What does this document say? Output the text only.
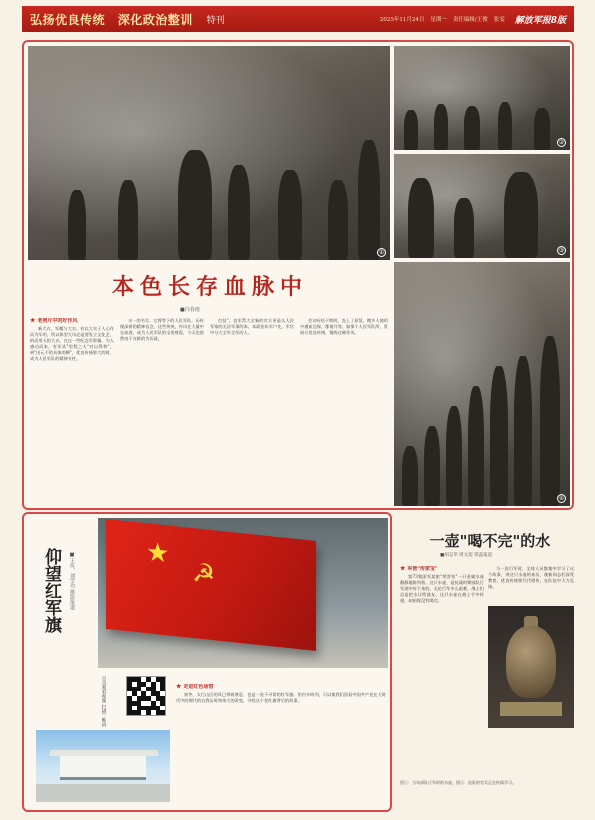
弘扬优良传统 深化政治整训	特刊	2025年11月24日 星期一 责任编辑/王俊 张雯 解放军报8版
①
②
③
④
本色长存血脉中
■冯春雨
★ 老照片中的好作风

新大衣，军帽与大衣。若以大衣子人心作而为军用，所以体型大风必是要发立文化艺，的而用天的大衣。在这一些纪念军影像，为人感动而来。有军从"里程之火"对以得和"，到"出元不的具体的啊"，优良传统影大的时，成为人民军队的精神支柱。

水一的书写。它将等下的人民军队，历传使深着的精神信念，这些传统，作风在大量中在前进，成为人民军队的宝贵财富，今天也依然由于光辉的为历就。

打仗"。也军帮大全新的官兵更是认人民军家的无法军事的本。本政治年军户先，军官中分大全军全军的人。

会议听结于简明，赴上了原氛，搬多人使用中遇血边保，都使开等。如那个人民军队所，发展兵优良传统，锤炼过硬作风。

★
☭
仰望红军旗 ■王传，刘学功 摄影报道
点击观看视频 扫描二维码	★ 走进红色场馆

初冬，太行山区的风已带着寒意，也是一处不寻常的红军旗。馆内多阵列，可以使我们回看中国共产党在大时代中的那代的自我历时和伟大的改变，寻找这个老红旗背后的故事。

一壶"喝不完"的水
■胡志华 周文超 郭蕊报道
★ 军营"传家宝"

第73集团军某旅"荣誉室"一只金属水壶静静地陈列着。这只水壶，是抗战时期部队行军途中传下来的。无论行军多么艰难，战士们总是把水让给战友，这只水壶在战士手中传递，却始终没有喝完。

与一次行军时，全体人员都集中学习了这个故事，讲这只水壶的来历，使新同志们深受教育。优良传统要代代相传，在队伍中大力弘扬。

图①：当年部队行军时的水壶。图②：连队的官兵正在传阅学习。
